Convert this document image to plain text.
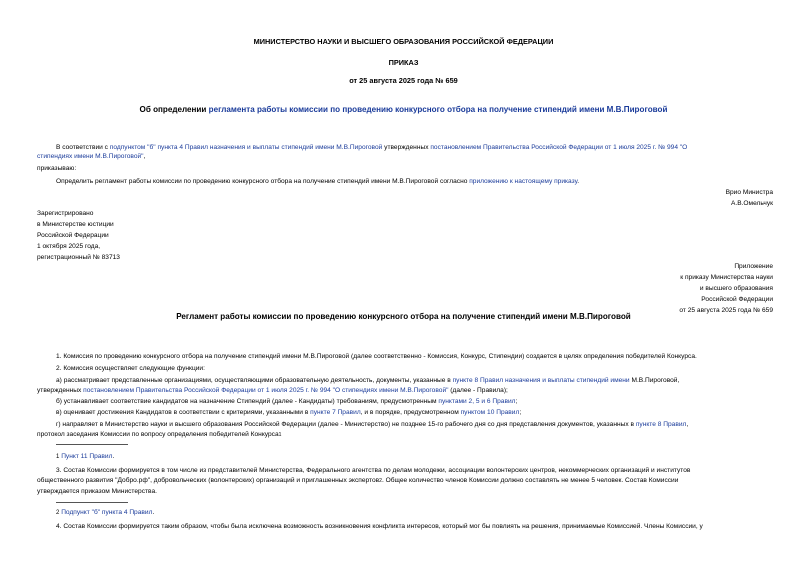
МИНИСТЕРСТВО НАУКИ И ВЫСШЕГО ОБРАЗОВАНИЯ РОССИЙСКОЙ ФЕДЕРАЦИИ
ПРИКАЗ
от 25 августа 2025 года № 659
Об определении регламента работы комиссии по проведению конкурсного отбора на получение стипендий имени М.В.Пироговой
В соответствии с подпунктом "б" пункта 4 Правил назначения и выплаты стипендий имени М.В.Пироговой утвержденных постановлением Правительства Российской Федерации от 1 июля 2025 г. № 994 "О
стипендиях имени М.В.Пироговой",
приказываю:
Определить регламент работы комиссии по проведению конкурсного отбора на получение стипендий имени М.В.Пироговой согласно приложению к настоящему приказу.
Врио Министра
А.В.Омельчук
Зарегистрировано
в Министерстве юстиции
Российской Федерации
1 октября 2025 года,
регистрационный № 83713
Приложение
к приказу Министерства науки
и высшего образования
Российской Федерации
от 25 августа 2025 года № 659
Регламент работы комиссии по проведению конкурсного отбора на получение стипендий имени М.В.Пироговой
1. Комиссия по проведению конкурсного отбора на получение стипендий имени М.В.Пироговой (далее соответственно - Комиссия, Конкурс, Стипендии) создается в целях определения победителей Конкурса.
2. Комиссия осуществляет следующие функции:
а) рассматривает представленные организациями, осуществляющими образовательную деятельность, документы, указанные в пункте 8 Правил назначения и выплаты стипендий имени М.В.Пироговой,
утвержденных постановлением Правительства Российской Федерации от 1 июля 2025 г. № 994 "О стипендиях имени М.В.Пироговой" (далее - Правила);
б) устанавливает соответствие кандидатов на назначение Стипендий (далее - Кандидаты) требованиям, предусмотренным пунктами 2, 5 и 6 Правил;
в) оценивает достижения Кандидатов в соответствии с критериями, указанными в пункте 7 Правил, и в порядке, предусмотренном пунктом 10 Правил;
г) направляет в Министерство науки и высшего образования Российской Федерации (далее - Министерство) не позднее 15-го рабочего дня со дня представления документов, указанных в пункте 8 Правил,
протокол заседания Комиссии по вопросу определения победителей Конкурса1
1 Пункт 11 Правил.
3. Состав Комиссии формируется в том числе из представителей Министерства, Федерального агентства по делам молодежи, ассоциации волонтерских центров, некоммерческих организаций и институтов
общественного развития "Добро.рф", добровольческих (волонтерских) организаций и приглашенных экспертов2. Общее количество членов Комиссии должно составлять не менее 5 человек. Состав Комиссии
утверждается приказом Министерства.
2 Подпункт "б" пункта 4 Правил.
4. Состав Комиссии формируется таким образом, чтобы была исключена возможность возникновения конфликта интересов, который мог бы повлиять на решения, принимаемые Комиссией. Члены Комиссии, у
